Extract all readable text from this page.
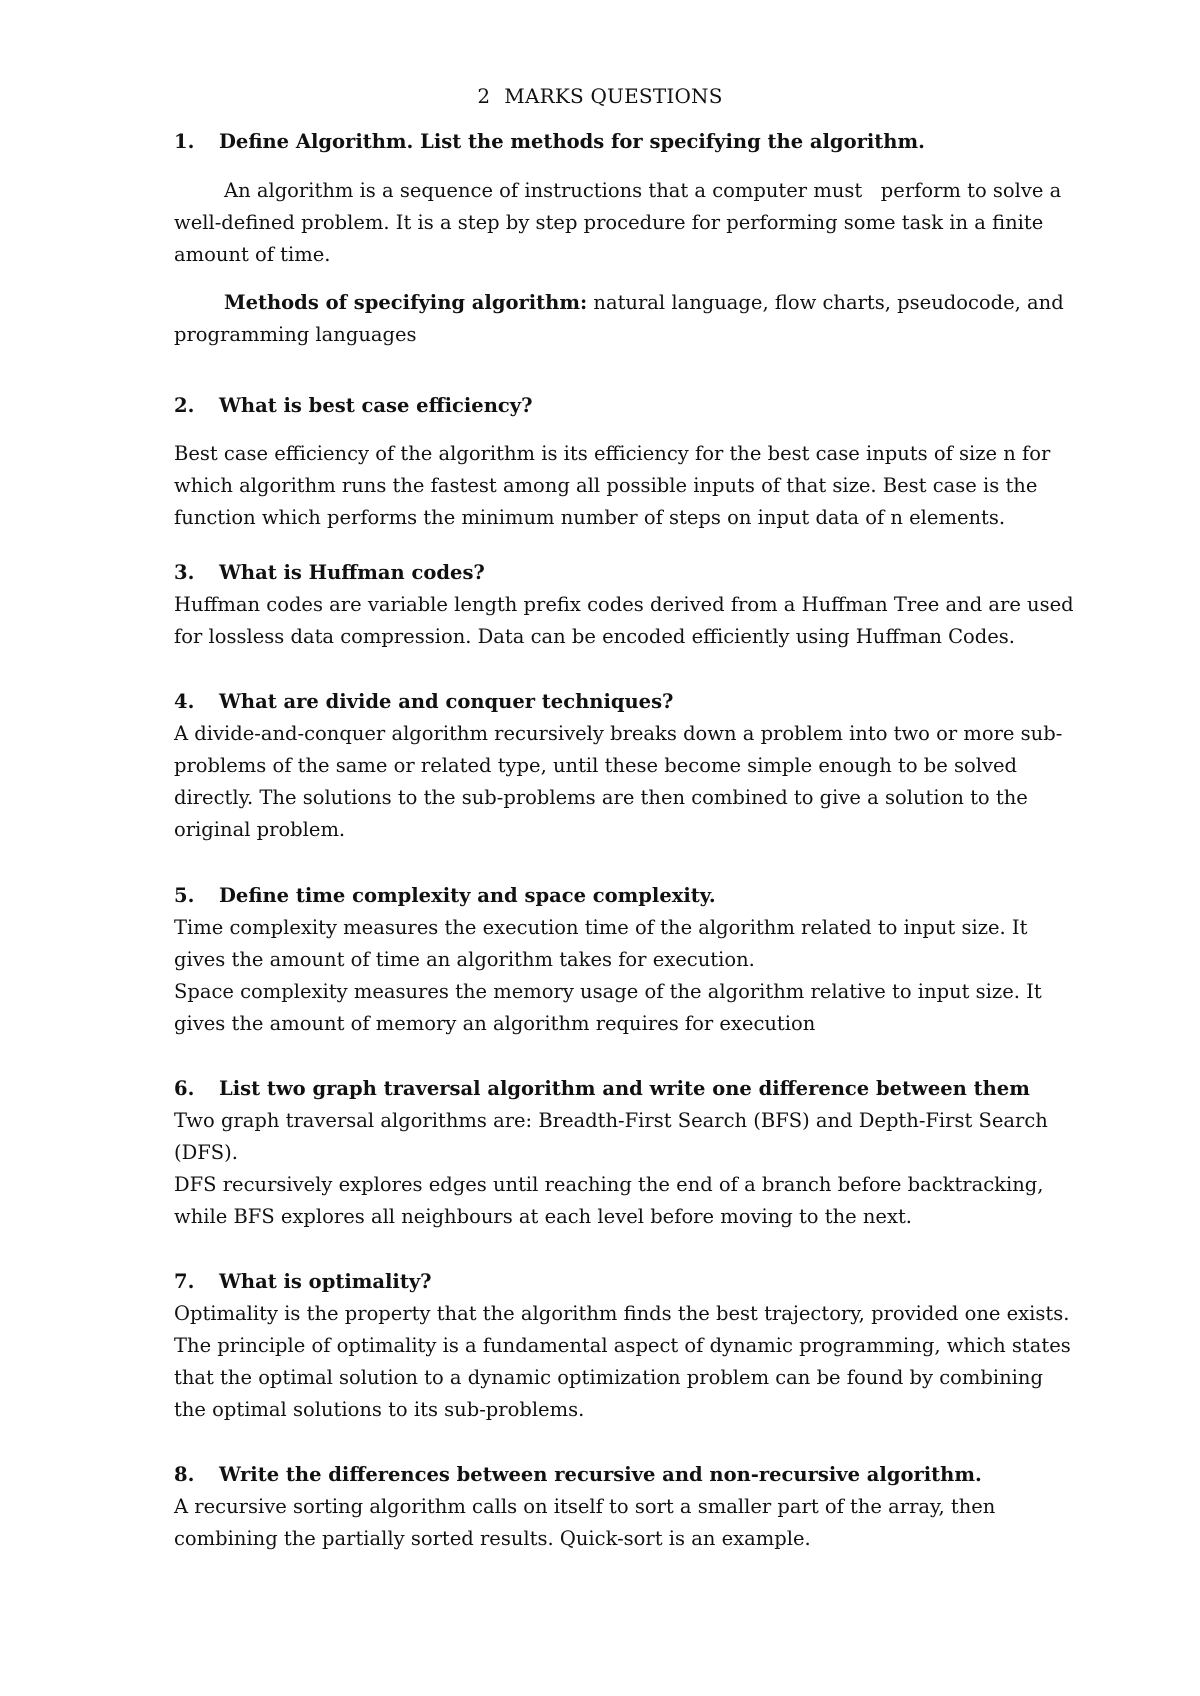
2 MARKS QUESTIONS
1. Define Algorithm. List the methods for specifying the algorithm.

An algorithm is a sequence of instructions that a computer must   perform to solve a well-defined problem. It is a step by step procedure for performing some task in a finite amount of time.

Methods of specifying algorithm: natural language, flow charts, pseudocode, and programming languages

2. What is best case efficiency?

Best case efficiency of the algorithm is its efficiency for the best case inputs of size n for which algorithm runs the fastest among all possible inputs of that size. Best case is the function which performs the minimum number of steps on input data of n elements.

3. What is Huffman codes?

Huffman codes are variable length prefix codes derived from a Huffman Tree and are used for lossless data compression. Data can be encoded efficiently using Huffman Codes.

4. What are divide and conquer techniques?

A divide-and-conquer algorithm recursively breaks down a problem into two or more sub-problems of the same or related type, until these become simple enough to be solved directly. The solutions to the sub-problems are then combined to give a solution to the original problem.

5. Define time complexity and space complexity.

Time complexity measures the execution time of the algorithm related to input size. It gives the amount of time an algorithm takes for execution.

Space complexity measures the memory usage of the algorithm relative to input size. It gives the amount of memory an algorithm requires for execution

6. List two graph traversal algorithm and write one difference between them

Two graph traversal algorithms are: Breadth-First Search (BFS) and Depth-First Search (DFS).

DFS recursively explores edges until reaching the end of a branch before backtracking, while BFS explores all neighbours at each level before moving to the next.

7. What is optimality?

Optimality is the property that the algorithm finds the best trajectory, provided one exists.

The principle of optimality is a fundamental aspect of dynamic programming, which states that the optimal solution to a dynamic optimization problem can be found by combining the optimal solutions to its sub-problems.

8. Write the differences between recursive and non-recursive algorithm.

A recursive sorting algorithm calls on itself to sort a smaller part of the array, then combining the partially sorted results. Quick-sort is an example.
